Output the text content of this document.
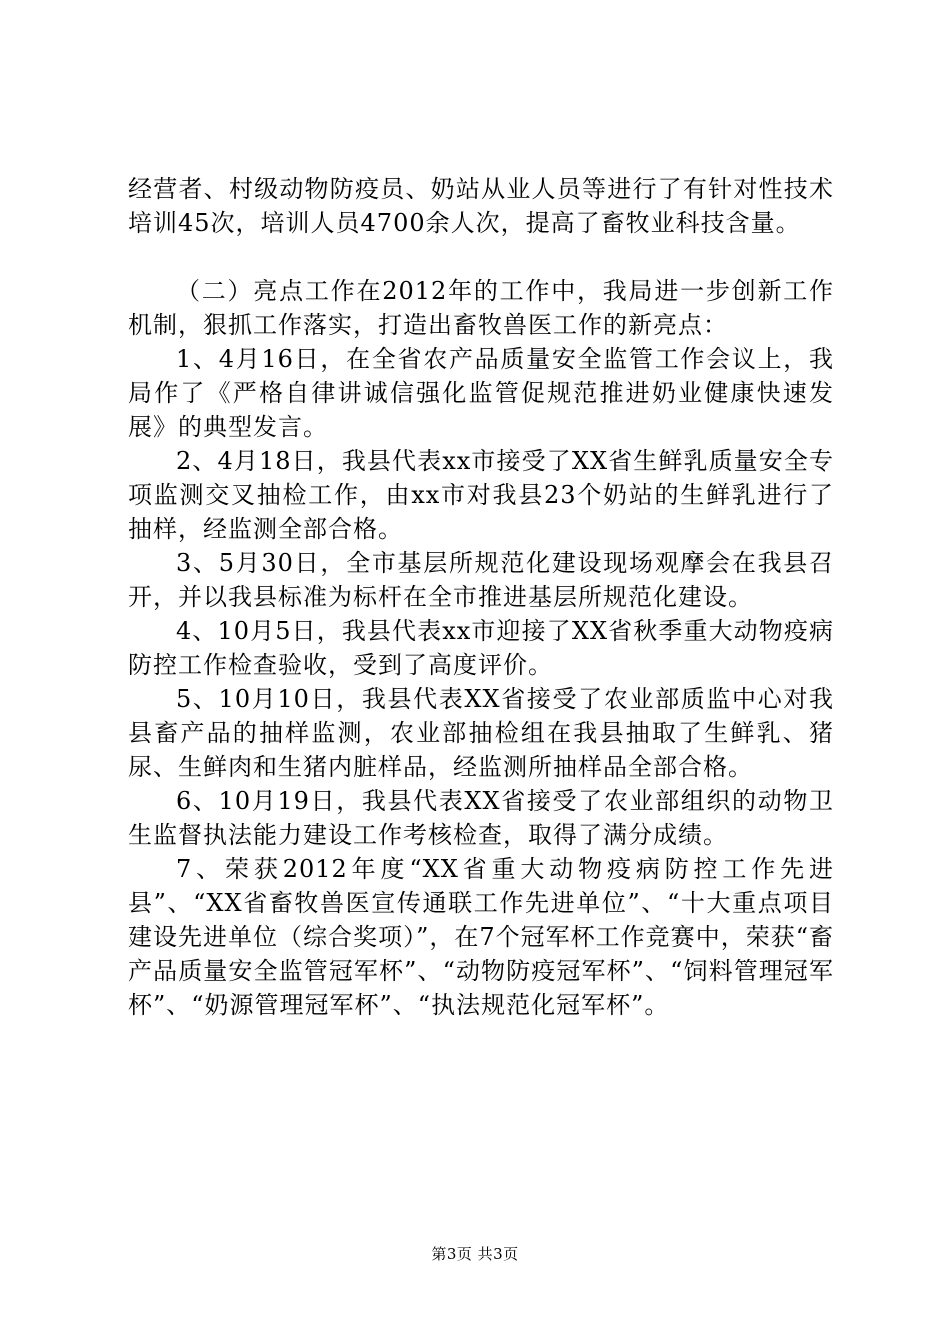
经营者、村级动物防疫员、奶站从业人员等进行了有针对性技术培训45次，培训人员4700余人次，提高了畜牧业科技含量。

（二）亮点工作在2012年的工作中，我局进一步创新工作机制，狠抓工作落实，打造出畜牧兽医工作的新亮点：

1、4月16日，在全省农产品质量安全监管工作会议上，我局作了《严格自律讲诚信强化监管促规范推进奶业健康快速发展》的典型发言。

2、4月18日，我县代表xx市接受了XX省生鲜乳质量安全专项监测交叉抽检工作，由xx市对我县23个奶站的生鲜乳进行了抽样，经监测全部合格。

3、5月30日，全市基层所规范化建设现场观摩会在我县召开，并以我县标准为标杆在全市推进基层所规范化建设。

4、10月5日，我县代表xx市迎接了XX省秋季重大动物疫病防控工作检查验收，受到了高度评价。

5、10月10日，我县代表XX省接受了农业部质监中心对我县畜产品的抽样监测，农业部抽检组在我县抽取了生鲜乳、猪尿、生鲜肉和生猪内脏样品，经监测所抽样品全部合格。

6、10月19日，我县代表XX省接受了农业部组织的动物卫生监督执法能力建设工作考核检查，取得了满分成绩。

7、荣获2012年度“XX省重大动物疫病防控工作先进县”、“XX省畜牧兽医宣传通联工作先进单位”、“十大重点项目建设先进单位（综合奖项）”，在7个冠军杯工作竞赛中，荣获“畜产品质量安全监管冠军杯”、“动物防疫冠军杯”、“饲料管理冠军杯”、“奶源管理冠军杯”、“执法规范化冠军杯”。

第3页 共3页
